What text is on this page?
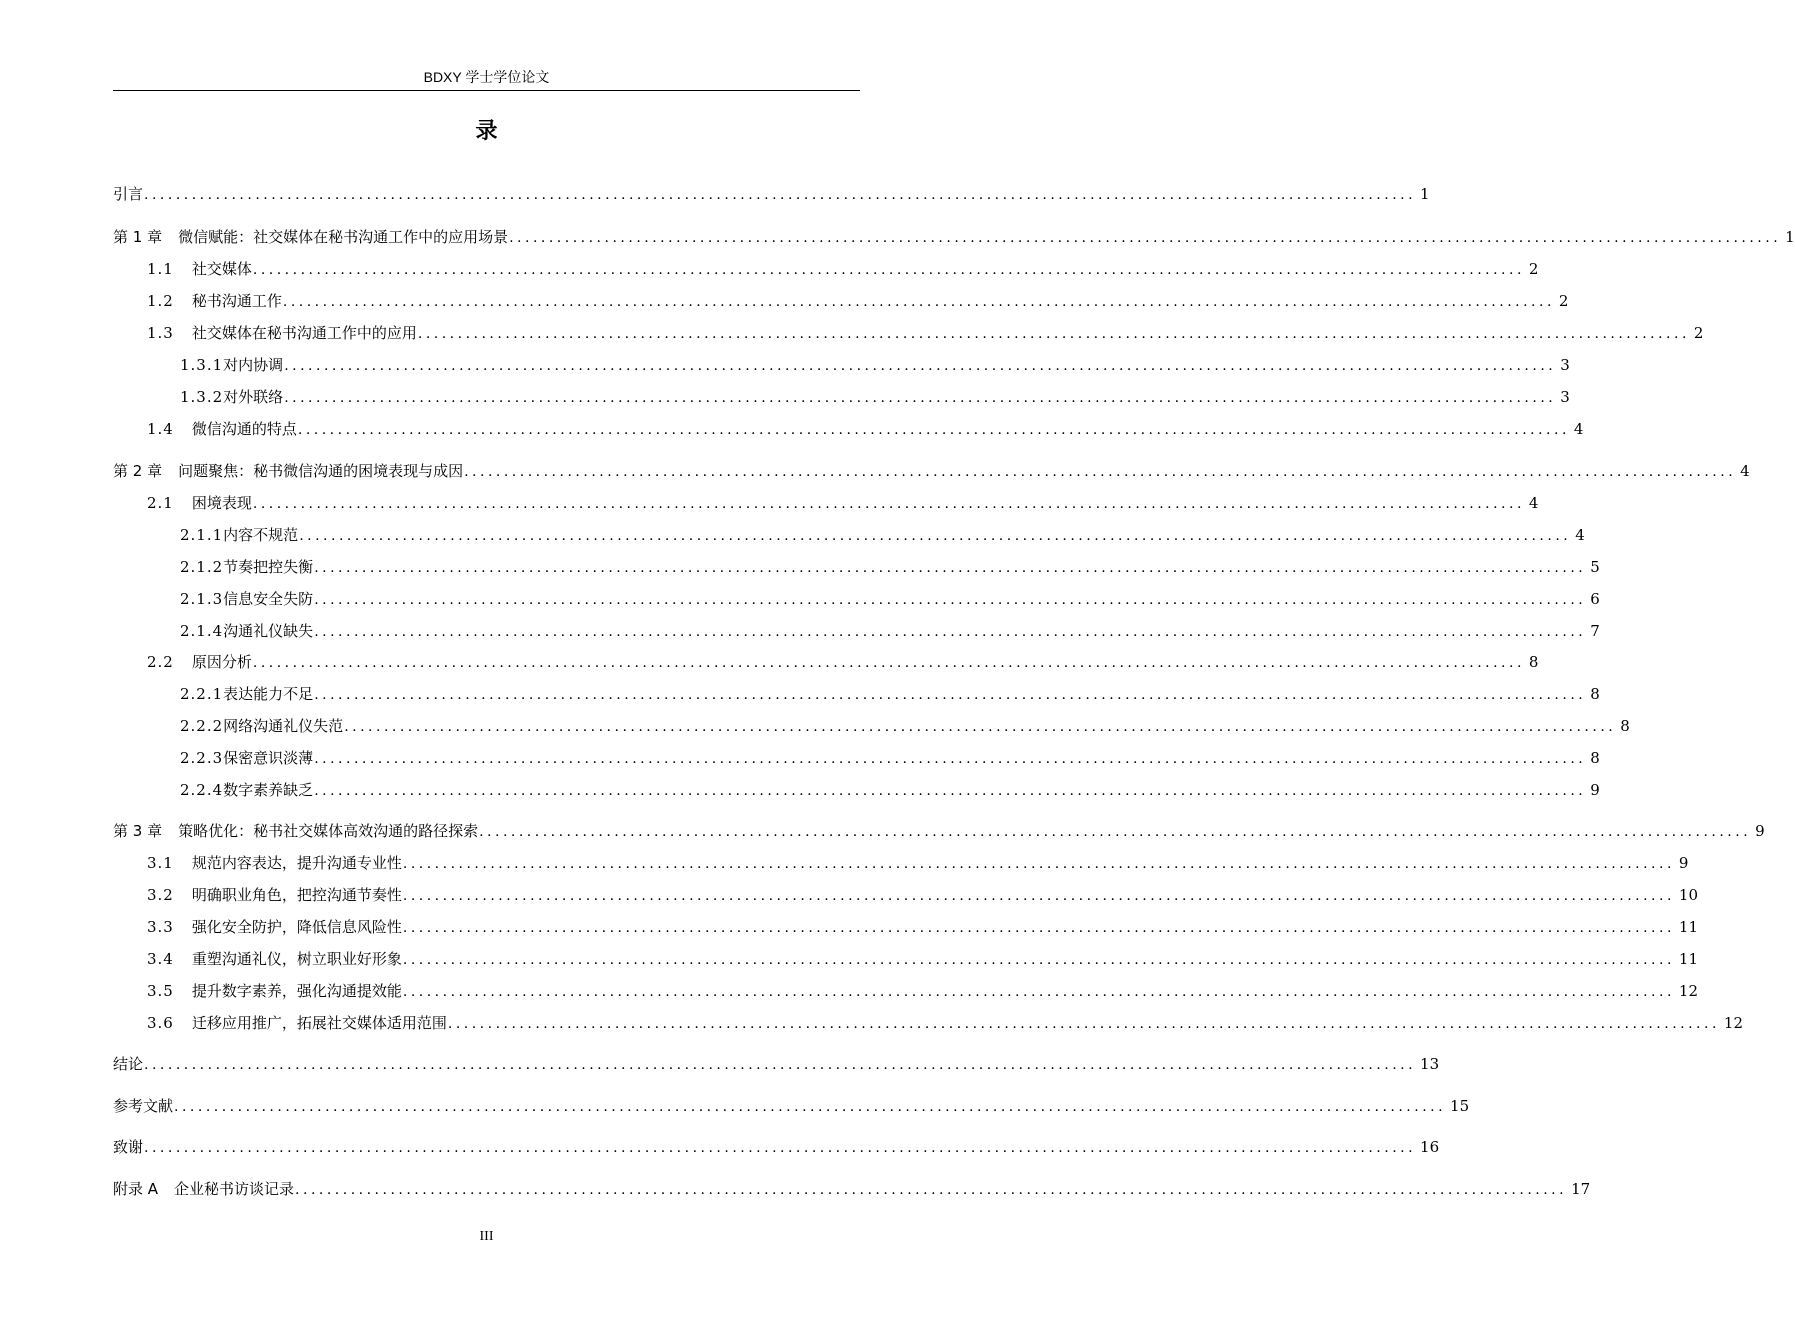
BDXY 学士学位论文
录
引言 ................................................................................................................................................................ 1
第 1 章 微信赋能：社交媒体在秘书沟通工作中的应用场景 ................................................................................................................................................................ 1
1.1 社交媒体 ................................................................................................................................................................ 2
1.2 秘书沟通工作 ................................................................................................................................................................ 2
1.3 社交媒体在秘书沟通工作中的应用 ................................................................................................................................................................ 2
1.3.1 对内协调 ................................................................................................................................................................ 3
1.3.2 对外联络 ................................................................................................................................................................ 3
1.4 微信沟通的特点 ................................................................................................................................................................ 4
第 2 章 问题聚焦：秘书微信沟通的困境表现与成因 ................................................................................................................................................................ 4
2.1 困境表现 ................................................................................................................................................................ 4
2.1.1 内容不规范 ................................................................................................................................................................ 4
2.1.2 节奏把控失衡 ................................................................................................................................................................ 5
2.1.3 信息安全失防 ................................................................................................................................................................ 6
2.1.4 沟通礼仪缺失 ................................................................................................................................................................ 7
2.2 原因分析 ................................................................................................................................................................ 8
2.2.1 表达能力不足 ................................................................................................................................................................ 8
2.2.2 网络沟通礼仪失范 ................................................................................................................................................................ 8
2.2.3 保密意识淡薄 ................................................................................................................................................................ 8
2.2.4 数字素养缺乏 ................................................................................................................................................................ 9
第 3 章 策略优化：秘书社交媒体高效沟通的路径探索 ................................................................................................................................................................ 9
3.1 规范内容表达，提升沟通专业性 ................................................................................................................................................................ 9
3.2 明确职业角色，把控沟通节奏性 ................................................................................................................................................................ 10
3.3 强化安全防护，降低信息风险性 ................................................................................................................................................................ 11
3.4 重塑沟通礼仪，树立职业好形象 ................................................................................................................................................................ 11
3.5 提升数字素养，强化沟通提效能 ................................................................................................................................................................ 12
3.6 迁移应用推广，拓展社交媒体适用范围 ................................................................................................................................................................ 12
结论 ................................................................................................................................................................ 13
参考文献 ................................................................................................................................................................ 15
致谢 ................................................................................................................................................................ 16
附录 A 企业秘书访谈记录 ................................................................................................................................................................ 17
III
